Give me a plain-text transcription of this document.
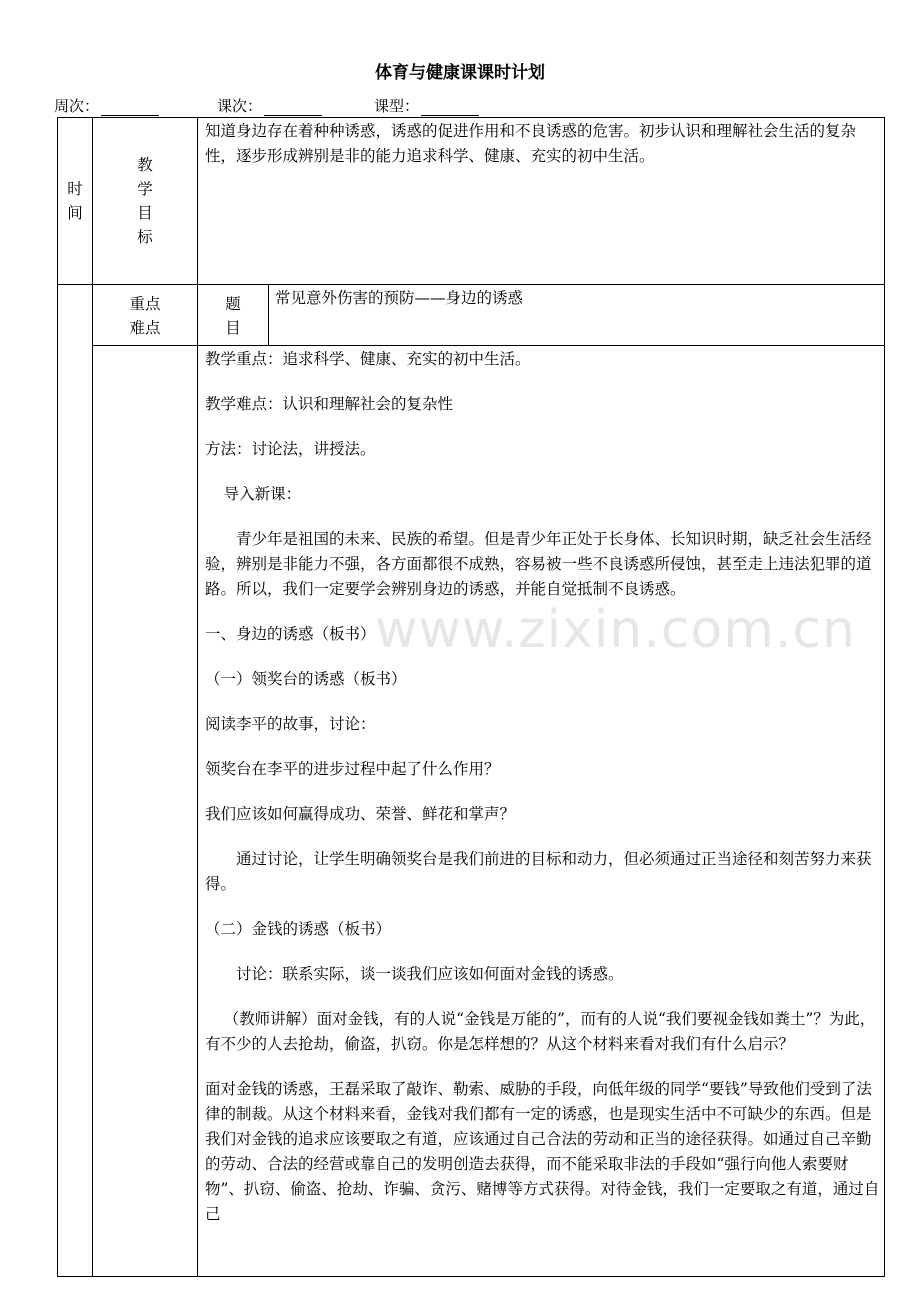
体育与健康课课时计划
周次：	课次：	课型：
时间
教学目标
知道身边存在着种种诱惑，诱惑的促进作用和不良诱惑的危害。初步认识和理解社会生活的复杂性，逐步形成辨别是非的能力追求科学、健康、充实的初中生活。
重点
难点
题目
常见意外伤害的预防——身边的诱惑

教学重点：追求科学、健康、充实的初中生活。

教学难点：认识和理解社会的复杂性

方法：讨论法，讲授法。

导入新课：

青少年是祖国的未来、民族的希望。但是青少年正处于长身体、长知识时期，缺乏社会生活经验，辨别是非能力不强，各方面都很不成熟，容易被一些不良诱惑所侵蚀，甚至走上违法犯罪的道路。所以，我们一定要学会辨别身边的诱惑，并能自觉抵制不良诱惑。

一、身边的诱惑（板书）

（一）领奖台的诱惑（板书）

阅读李平的故事，讨论：

领奖台在李平的进步过程中起了什么作用？

我们应该如何赢得成功、荣誉、鲜花和掌声？

通过讨论，让学生明确领奖台是我们前进的目标和动力，但必须通过正当途径和刻苦努力来获得。

（二）金钱的诱惑（板书）

讨论：联系实际，谈一谈我们应该如何面对金钱的诱惑。

（教师讲解）面对金钱，有的人说“金钱是万能的”，而有的人说“我们要视金钱如粪土”？为此，有不少的人去抢劫，偷盗，扒窃。你是怎样想的？从这个材料来看对我们有什么启示？

面对金钱的诱惑，王磊采取了敲诈、勒索、威胁的手段，向低年级的同学“要钱”导致他们受到了法律的制裁。从这个材料来看，金钱对我们都有一定的诱惑，也是现实生活中不可缺少的东西。但是我们对金钱的追求应该要取之有道，应该通过自己合法的劳动和正当的途径获得。如通过自己辛勤的劳动、合法的经营或靠自己的发明创造去获得，而不能采取非法的手段如“强行向他人索要财物”、扒窃、偷盗、抢劫、诈骗、贪污、赌博等方式获得。对待金钱，我们一定要取之有道，通过自己

www.zixin.com.cn
